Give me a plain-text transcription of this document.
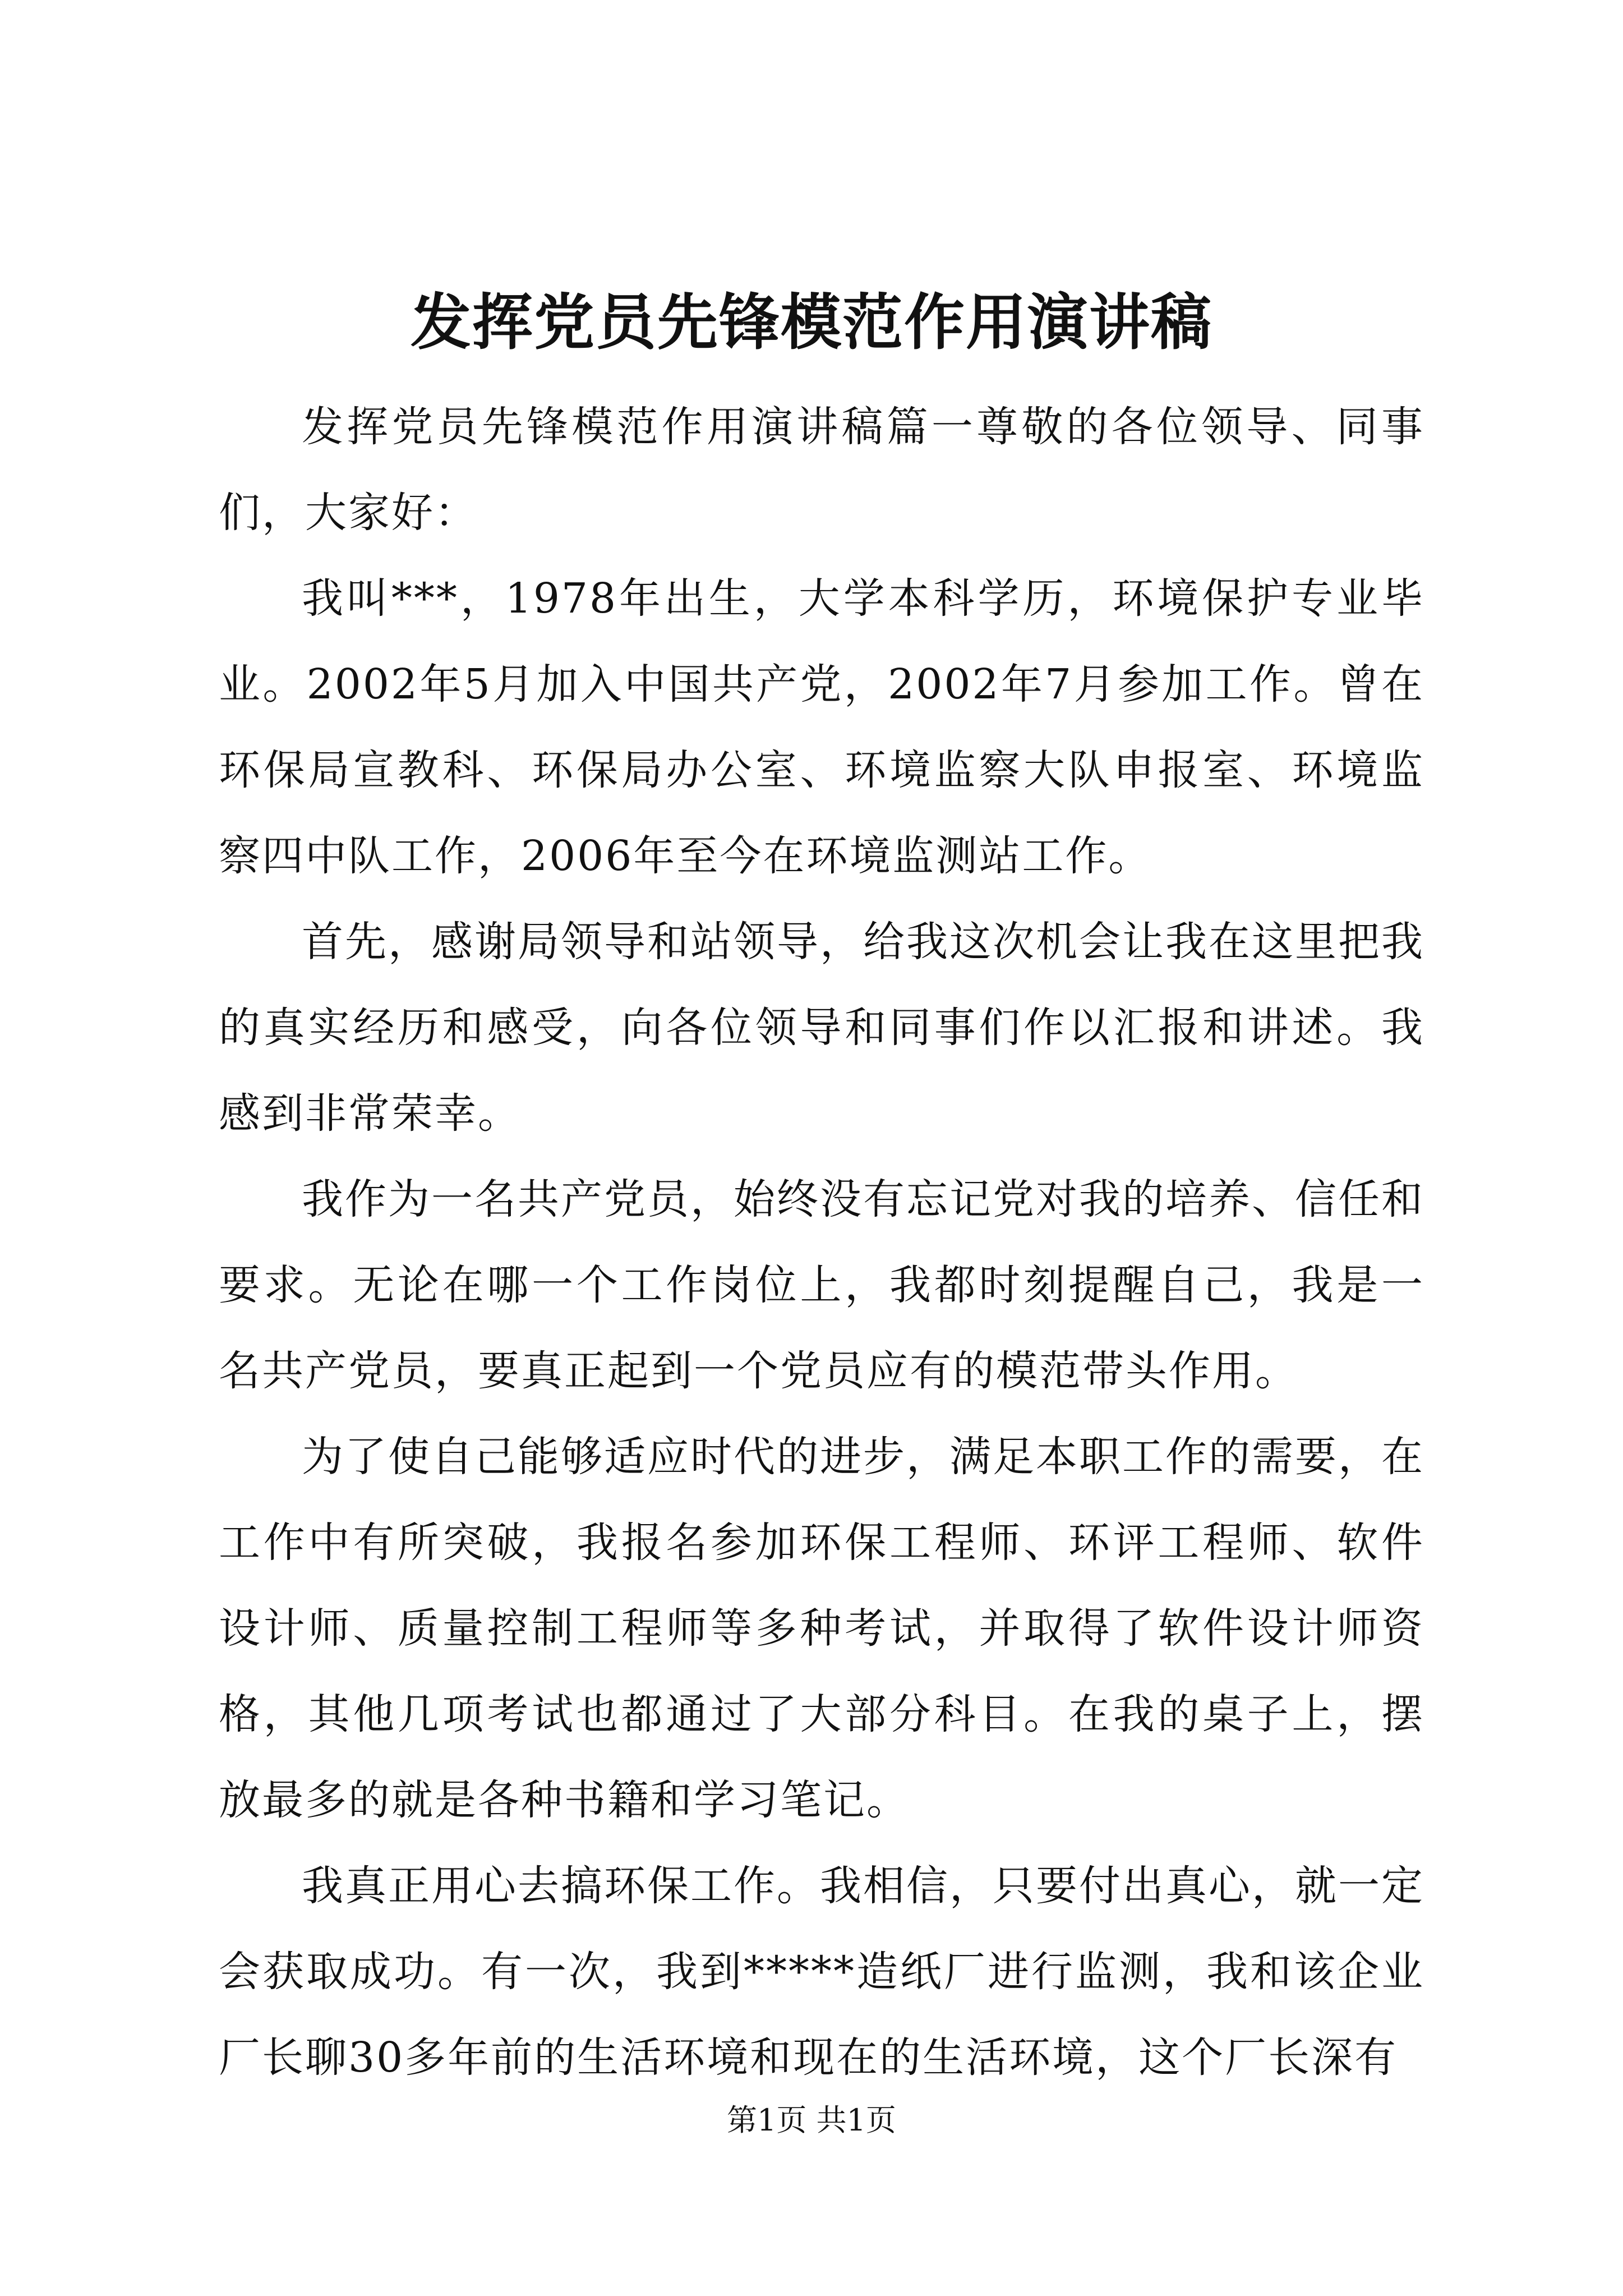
发挥党员先锋模范作用演讲稿

发挥党员先锋模范作用演讲稿篇一尊敬的各位领导、同事们，大家好：

我叫***，1978年出生，大学本科学历，环境保护专业毕业。2002年5月加入中国共产党，2002年7月参加工作。曾在环保局宣教科、环保局办公室、环境监察大队申报室、环境监察四中队工作，2006年至今在环境监测站工作。

首先，感谢局领导和站领导，给我这次机会让我在这里把我的真实经历和感受，向各位领导和同事们作以汇报和讲述。我感到非常荣幸。

我作为一名共产党员，始终没有忘记党对我的培养、信任和要求。无论在哪一个工作岗位上，我都时刻提醒自己，我是一名共产党员，要真正起到一个党员应有的模范带头作用。

为了使自己能够适应时代的进步，满足本职工作的需要，在工作中有所突破，我报名参加环保工程师、环评工程师、软件设计师、质量控制工程师等多种考试，并取得了软件设计师资格，其他几项考试也都通过了大部分科目。在我的桌子上，摆放最多的就是各种书籍和学习笔记。

我真正用心去搞环保工作。我相信，只要付出真心，就一定会获取成功。有一次，我到*****造纸厂进行监测，我和该企业厂长聊30多年前的生活环境和现在的生活环境，这个厂长深有

第1页 共1页
